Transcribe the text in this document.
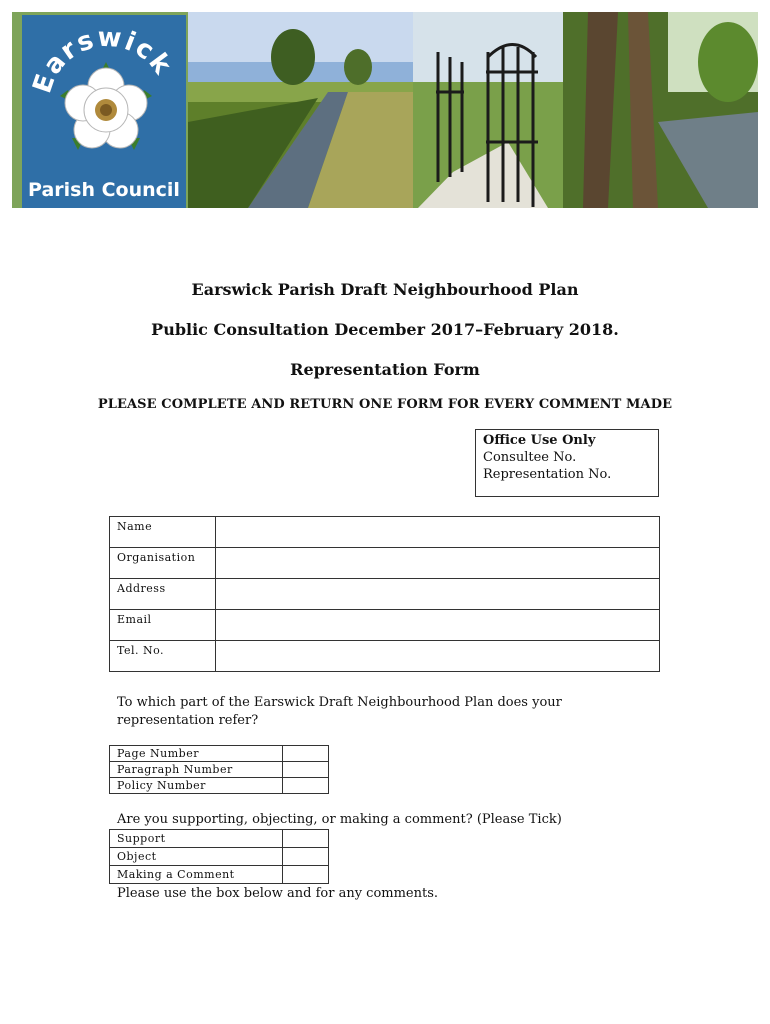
Earswick
Parish Council
Earswick Parish Draft Neighbourhood Plan
Public Consultation December 2017–February 2018.
Representation Form
PLEASE COMPLETE AND RETURN ONE FORM FOR EVERY COMMENT MADE
Office Use Only
Consultee No.
Representation No.
Name	
Organisation	
Address	
Email	
Tel. No.	
To which part of the Earswick Draft Neighbourhood Plan does your representation refer?
Page Number	
Paragraph Number	
Policy Number	
Are you supporting, objecting, or making a comment? (Please Tick)
Support	
Object	
Making a Comment	
Please use the box below and for any comments.
